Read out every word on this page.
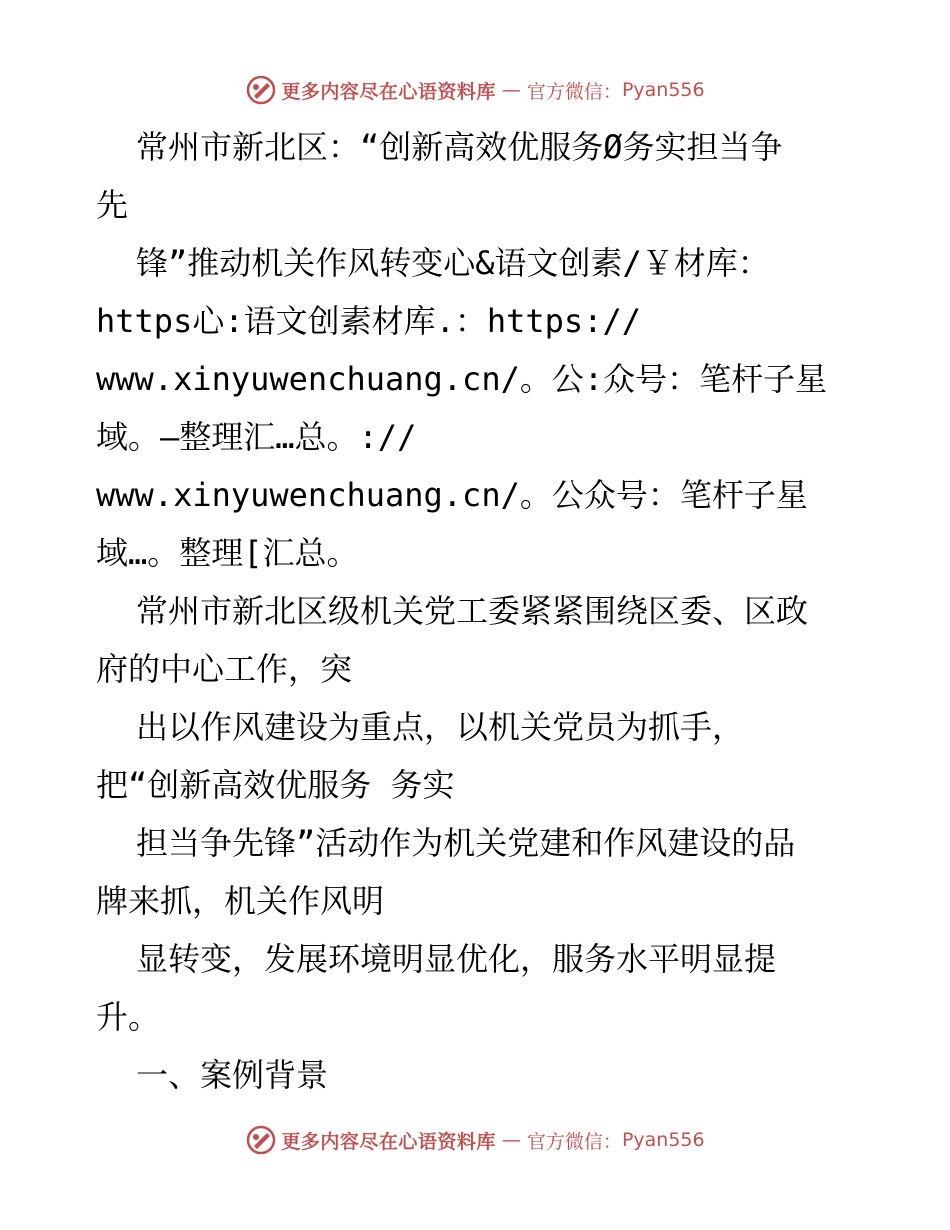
更多内容尽在心语资料库 — 官方微信： Pyan556

常州市新北区：“创新高效优服务Ø务实担当争

先

锋”推动机关作风转变心&语文创素/￥材库：

https心:语文创素材库.：https://

www.xinyuwenchuang.cn/。公:众号：笔杆子星

域。—整理汇…总。://

www.xinyuwenchuang.cn/。公众号：笔杆子星

域…。整理[汇总。

常州市新北区级机关党工委紧紧围绕区委、区政

府的中心工作，突

出以作风建设为重点，以机关党员为抓手，

把“创新高效优服务 务实

担当争先锋”活动作为机关党建和作风建设的品

牌来抓，机关作风明

显转变，发展环境明显优化，服务水平明显提

升。

一、案例背景

更多内容尽在心语资料库 — 官方微信： Pyan556
